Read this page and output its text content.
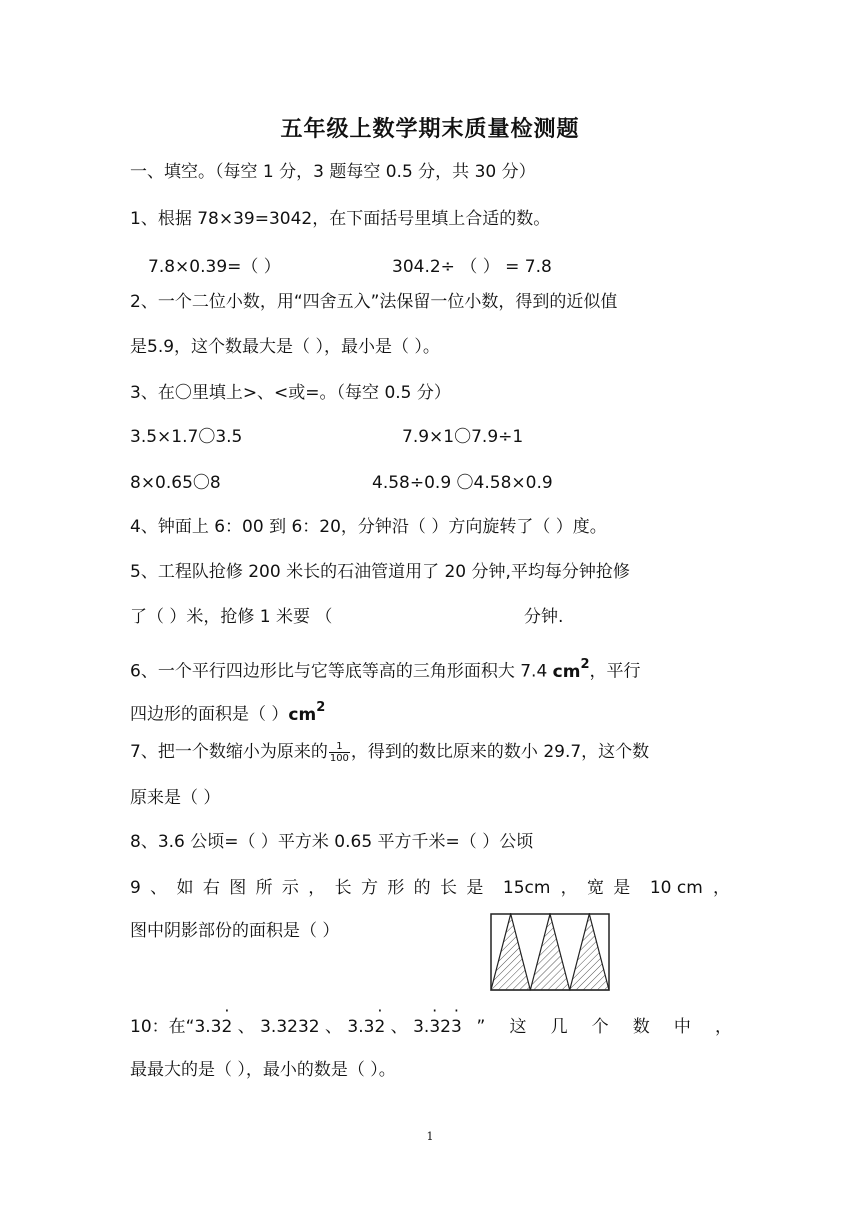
五年级上数学期末质量检测题
一、填空。（每空 1 分，3 题每空 0.5 分，共 30 分）
1、根据 78×39=3042，在下面括号里填上合适的数。
7.8×0.39=（ ）	304.2÷ （ ） = 7.8
2、一个二位小数，用“四舍五入”法保留一位小数，得到的近似值
是5.9，这个数最大是（ ），最小是（ ）。
3、在〇里填上>、<或=。（每空 0.5 分）
3.5×1.7〇3.5	7.9×1〇7.9÷1
8×0.65〇8	4.58÷0.9 〇4.58×0.9
4、钟面上 6：00 到 6：20，分钟沿（ ）方向旋转了（ ）度。
5、工程队抢修 200 米长的石油管道用了 20 分钟,平均每分钟抢修
了（ ）米，抢修 1 米要 （	分钟.
6、一个平行四边形比与它等底等高的三角形面积大 7.4 $cm^2$，平行
四边形的面积是（ ）$cm^2$
7、把一个数缩小为原来的 $\frac{1}{100}$ ，得到的数比原来的数小 29.7，这个数
原来是（ ）
8、3.6 公顷=（ ）平方米 0.65 平方千米=（ ）公顷
9、如右图所示，长方形的长是 15cm ，宽是 10 cm ，
图中阴影部份的面积是（ ）
10：在“3.3· 2 、 3.3232 、 3.3· 2 、 3.· 32· 3 ” 这 几 个 数 中 ，
最最大的是（ ），最小的数是（ ）。
1
